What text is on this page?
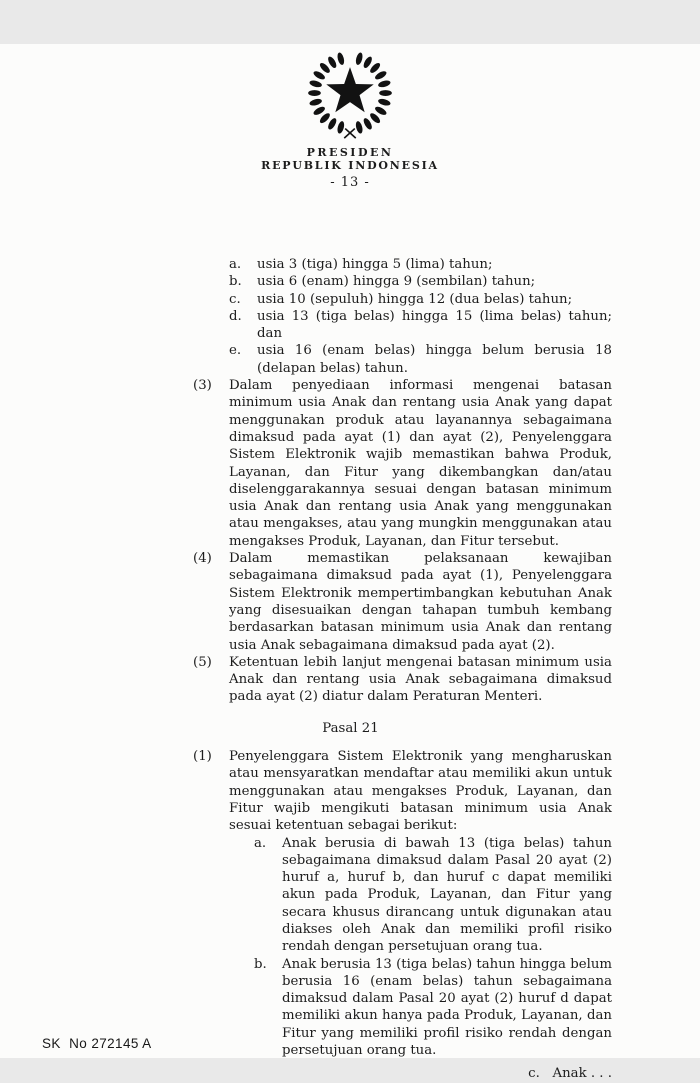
PRESIDEN
REPUBLIK INDONESIA
- 13 -
a.	usia 3 (tiga) hingga 5 (lima) tahun;
b.	usia 6 (enam) hingga 9 (sembilan) tahun;
c.	usia 10 (sepuluh) hingga 12 (dua belas) tahun;
d.	usia 13 (tiga belas) hingga 15 (lima belas) tahun; dan
e.	usia 16 (enam belas) hingga belum berusia 18 (delapan belas) tahun.
(3)	Dalam penyediaan informasi mengenai batasan minimum usia Anak dan rentang usia Anak yang dapat menggunakan produk atau layanannya sebagaimana dimaksud pada ayat (1) dan ayat (2), Penyelenggara Sistem Elektronik wajib memastikan bahwa Produk, Layanan, dan Fitur yang dikembangkan dan/atau diselenggarakannya sesuai dengan batasan minimum usia Anak dan rentang usia Anak yang menggunakan atau mengakses, atau yang mungkin menggunakan atau mengakses Produk, Layanan, dan Fitur tersebut.
(4)	Dalam memastikan pelaksanaan kewajiban sebagaimana dimaksud pada ayat (1), Penyelenggara Sistem Elektronik mempertimbangkan kebutuhan Anak yang disesuaikan dengan tahapan tumbuh kembang berdasarkan batasan minimum usia Anak dan rentang usia Anak sebagaimana dimaksud pada ayat (2).
(5)	Ketentuan lebih lanjut mengenai batasan minimum usia Anak dan rentang usia Anak sebagaimana dimaksud pada ayat (2) diatur dalam Peraturan Menteri.
Pasal 21
(1)	Penyelenggara Sistem Elektronik yang mengharuskan atau mensyaratkan mendaftar atau memiliki akun untuk menggunakan atau mengakses Produk, Layanan, dan Fitur wajib mengikuti batasan minimum usia Anak sesuai ketentuan sebagai berikut:
a.	Anak berusia di bawah 13 (tiga belas) tahun sebagaimana dimaksud dalam Pasal 20 ayat (2) huruf a, huruf b, dan huruf c dapat memiliki akun pada Produk, Layanan, dan Fitur yang secara khusus dirancang untuk digunakan atau diakses oleh Anak dan memiliki profil risiko rendah dengan persetujuan orang tua.
b.	Anak berusia 13 (tiga belas) tahun hingga belum berusia 16 (enam belas) tahun sebagaimana dimaksud dalam Pasal 20 ayat (2) huruf d dapat memiliki akun hanya pada Produk, Layanan, dan Fitur yang memiliki profil risiko rendah dengan persetujuan orang tua.
c.   Anak . . .
SK  No 272145 A
